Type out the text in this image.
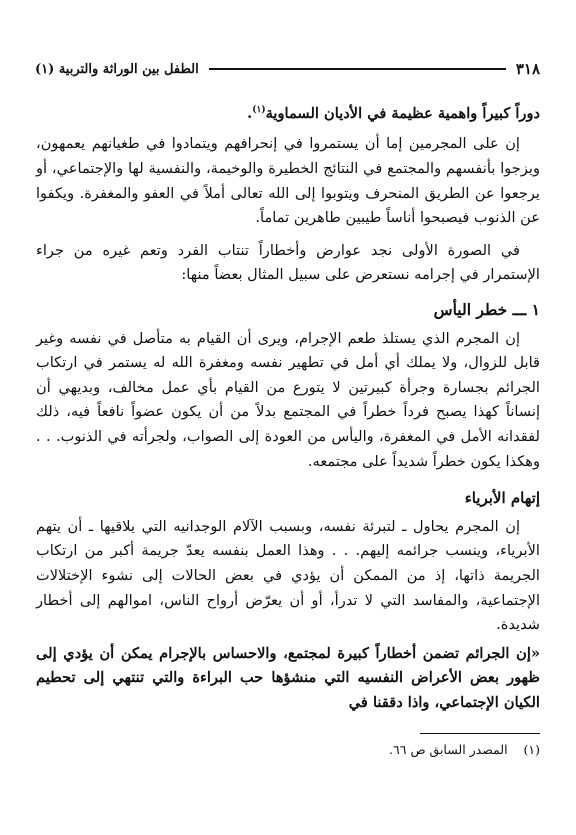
٣١٨
الطفل بين الوراثة والتربية (١)

دوراً كبيراً واهمية عظيمة في الأديان السماوية$^{(١)}$.

إن على المجرمين إما أن يستمروا في إنحرافهم ويتمادوا في طغيانهم يعمهون، ويزجوا بأنفسهم والمجتمع في النتائج الخطيرة والوخيمة، والنفسية لها والإجتماعي، أو يرجعوا عن الطريق المنحرف ويتوبوا إلى الله تعالى أملاً في العفو والمغفرة. ويكفوا عن الذنوب فيصبحوا أناساً طيبين طاهرين تماماً.

في الصورة الأولى نجد عوارض وأخطاراً تنتاب الفرد وتعم غيره من جراء الإستمرار في إجرامه نستعرض على سبيل المثال بعضاً منها:

١ ـــ خطر اليأس

إن المجرم الذي يستلذ طعم الإجرام، ويرى أن القيام به متأصل في نفسه وغير قابل للزوال، ولا يملك أي أمل في تطهير نفسه ومغفرة الله له يستمر في ارتكاب الجرائم بجسارة وجرأة كبيرتين لا يتورع من القيام بأي عمل مخالف، وبديهي أن إنساناً كهذا يصبح فرداً خطراً في المجتمع بدلاً من أن يكون عضواً نافعاً فيه، ذلك لفقدانه الأمل في المغفرة، واليأس من العودة إلى الصواب، ولجرأته في الذنوب. . . وهكذا يكون خطراً شديداً على مجتمعه.

إتهام الأبرياء

إن المجرم يحاول ـ لتبرئة نفسه، وبسبب الآلام الوجدانيه التي يلاقيها ـ أن يتهم الأبرياء، وينسب جرائمه إليهم. . . وهذا العمل بنفسه يعدّ جريمة أكبر من ارتكاب الجريمة ذاتها، إذ من الممكن أن يؤدي في بعض الحالات إلى نشوء الإختلالات الإجتماعية، والمفاسد التي لا تدرأ، أو أن يعرّض أرواح الناس، اموالهم إلى أخطار شديدة.

«إن الجرائم تضمن أخطاراً كبيرة لمجتمع، والاحساس بالإجرام يمكن أن يؤدي إلى ظهور بعض الأعراض النفسيه التي منشؤها حب البراءة والتي تنتهي إلى تحطيم الكيان الإجتماعي، واذا دققنا في

(١)    المصدر السابق ص ٦٦.
